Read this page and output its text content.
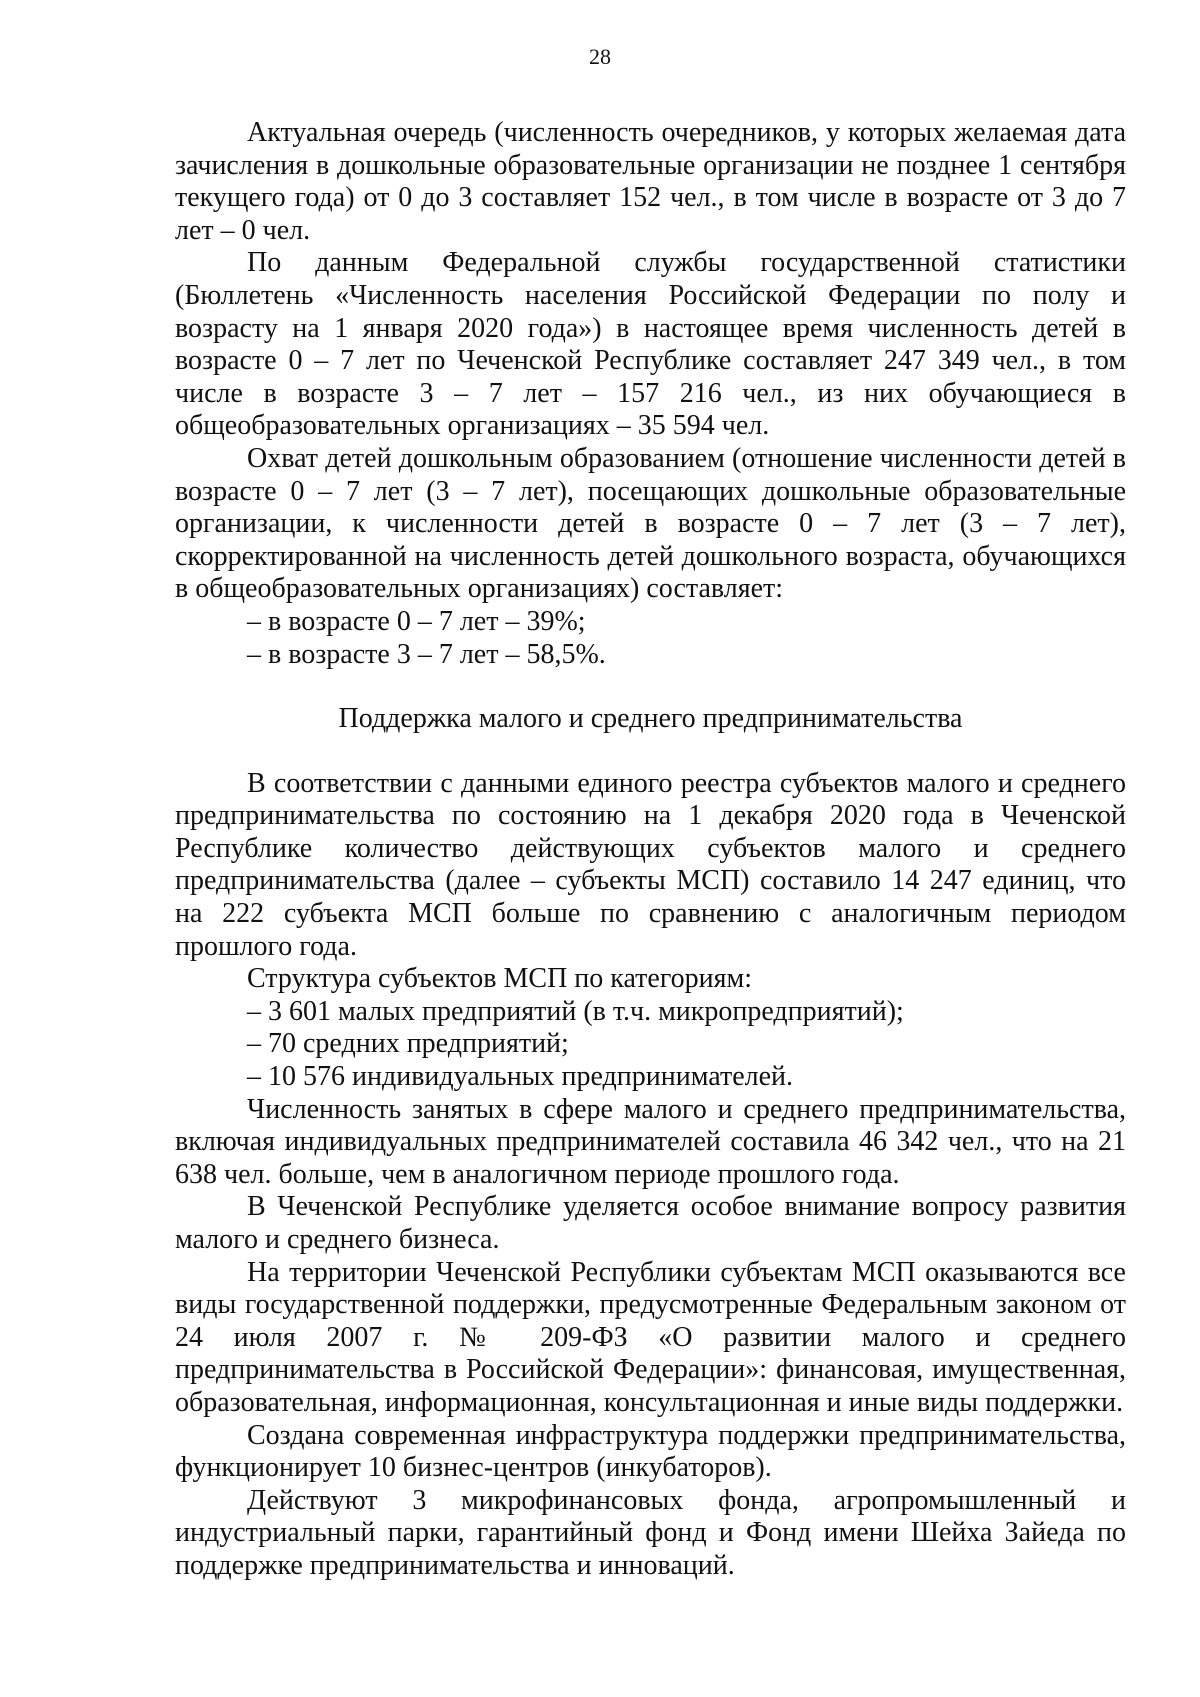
28

Актуальная очередь (численность очередников, у которых желаемая дата зачисления в дошкольные образовательные организации не позднее 1 сентября текущего года) от 0 до 3 составляет 152 чел., в том числе в возрасте от 3 до 7 лет – 0 чел.

По данным Федеральной службы государственной статистики (Бюллетень «Численность населения Российской Федерации по полу и возрасту на 1 января 2020 года») в настоящее время численность детей в возрасте 0 – 7 лет по Чеченской Республике составляет 247 349 чел., в том числе в возрасте 3 – 7 лет – 157 216 чел., из них обучающиеся в общеобразовательных организациях – 35 594 чел.

Охват детей дошкольным образованием (отношение численности детей в возрасте 0 – 7 лет (3 – 7 лет), посещающих дошкольные образовательные организации, к численности детей в возрасте 0 – 7 лет (3 – 7 лет), скорректированной на численность детей дошкольного возраста, обучающихся в общеобразовательных организациях) составляет:

– в возрасте 0 – 7 лет – 39%;

– в возрасте 3 – 7 лет – 58,5%.

Поддержка малого и среднего предпринимательства

В соответствии с данными единого реестра субъектов малого и среднего предпринимательства по состоянию на 1 декабря 2020 года в Чеченской Республике количество действующих субъектов малого и среднего предпринимательства (далее – субъекты МСП) составило 14 247 единиц, что на 222 субъекта МСП больше по сравнению с аналогичным периодом прошлого года.

Структура субъектов МСП по категориям:

– 3 601 малых предприятий (в т.ч. микропредприятий);

– 70 средних предприятий;

– 10 576 индивидуальных предпринимателей.

Численность занятых в сфере малого и среднего предпринимательства, включая индивидуальных предпринимателей составила 46 342 чел., что на 21 638 чел. больше, чем в аналогичном периоде прошлого года.

В Чеченской Республике уделяется особое внимание вопросу развития малого и среднего бизнеса.

На территории Чеченской Республики субъектам МСП оказываются все виды государственной поддержки, предусмотренные Федеральным законом от 24 июля 2007 г. № 209-ФЗ «О развитии малого и среднего предпринимательства в Российской Федерации»: финансовая, имущественная, образовательная, информационная, консультационная и иные виды поддержки.

Создана современная инфраструктура поддержки предпринимательства, функционирует 10 бизнес-центров (инкубаторов).

Действуют 3 микрофинансовых фонда, агропромышленный и индустриальный парки, гарантийный фонд и Фонд имени Шейха Зайеда по поддержке предпринимательства и инноваций.
